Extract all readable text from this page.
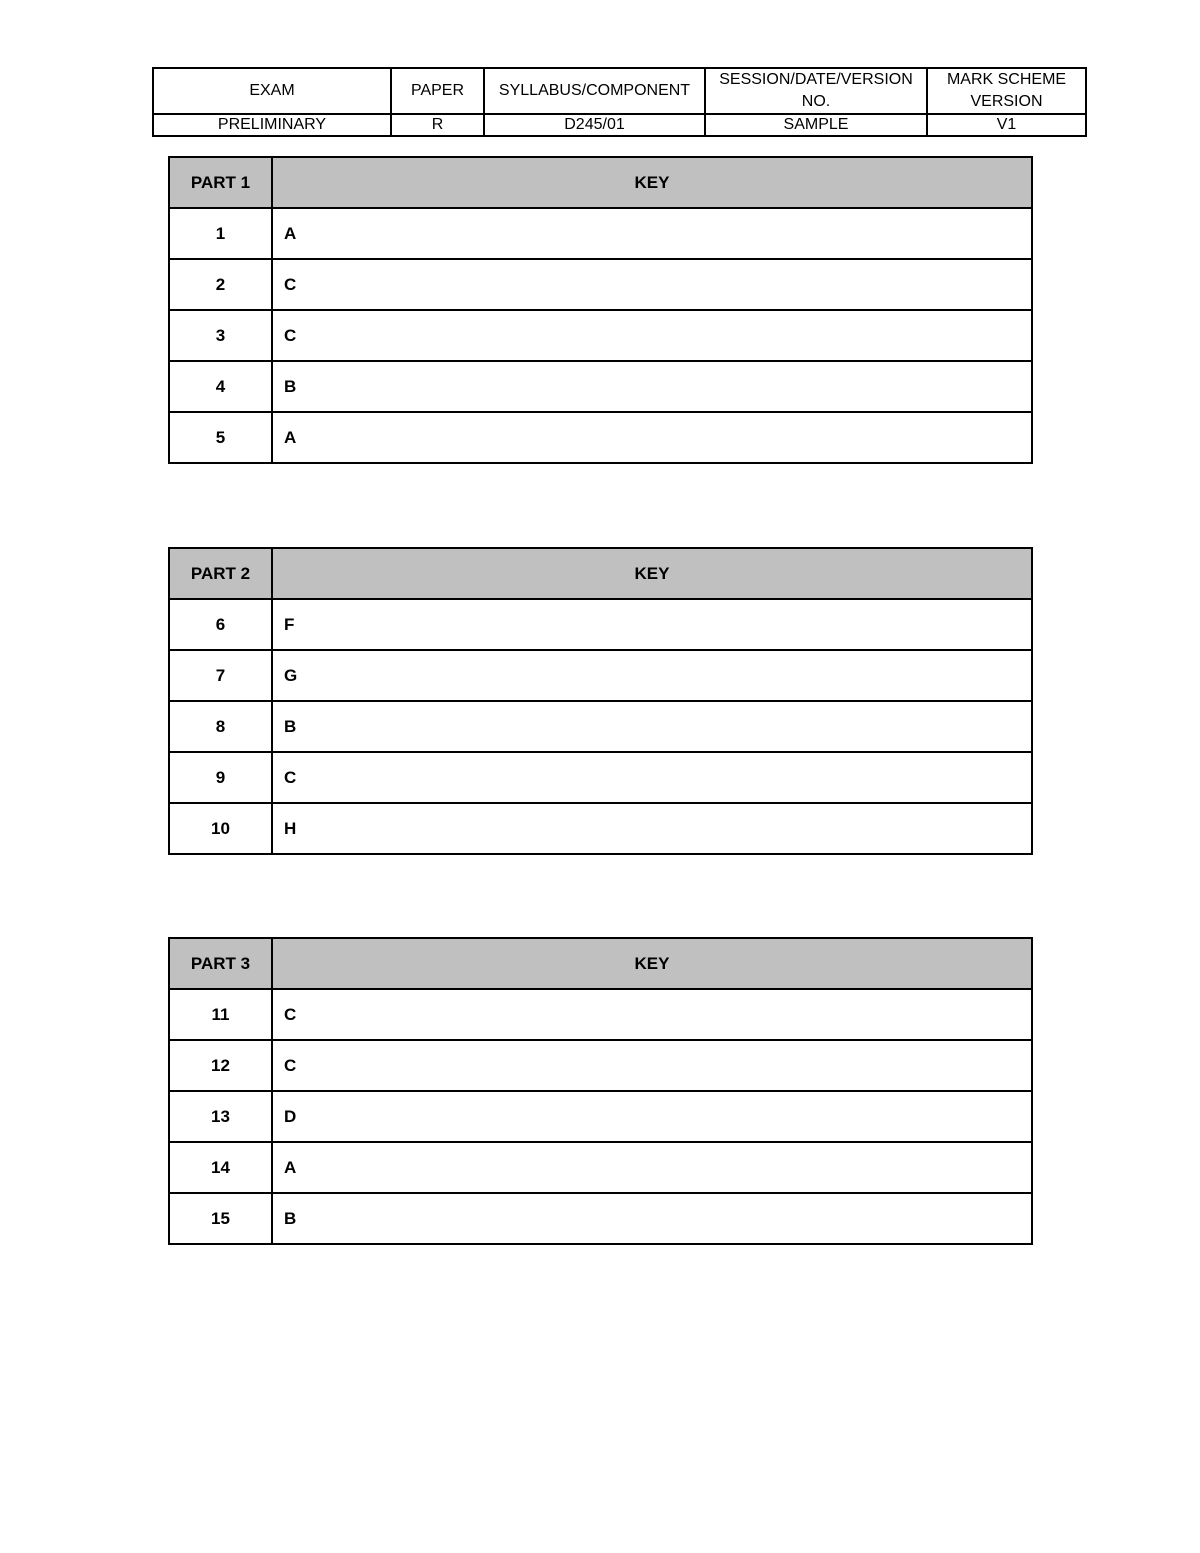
EXAM	PAPER	SYLLABUS/COMPONENT	SESSION/DATE/VERSION NO.	MARK SCHEME VERSION
PRELIMINARY	R	D245/01	SAMPLE	V1
PART 1	KEY
1	A
2	C
3	C
4	B
5	A
PART 2	KEY
6	F
7	G
8	B
9	C
10	H
PART 3	KEY
11	C
12	C
13	D
14	A
15	B
